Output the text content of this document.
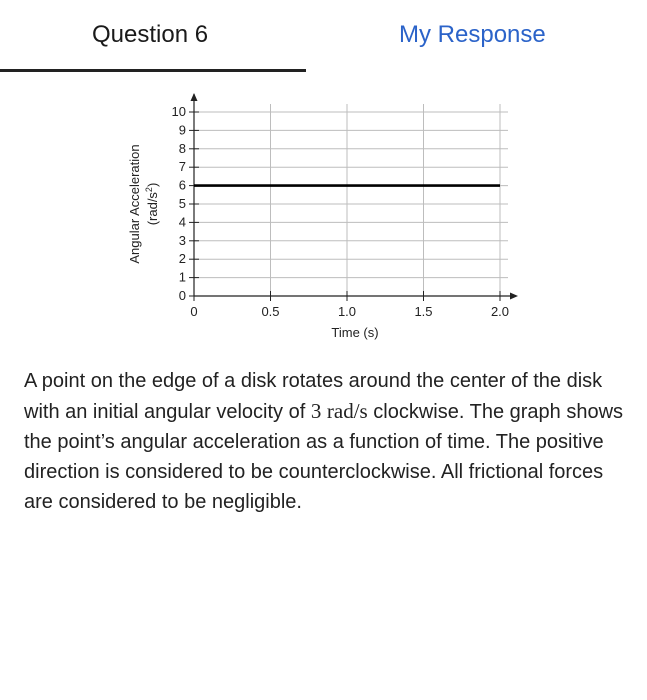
Question 6	My Response
0
1
2
3
4
5
6
7
8
9
10
0	0.5	1.0	1.5	2.0
Angular Acceleration $(rad/s^2)$
Time (s)
A point on the edge of a disk rotates around the center of the disk with an initial angular velocity of 3 rad/s clockwise. The graph shows the point’s angular acceleration as a function of time. The positive direction is considered to be counterclockwise. All frictional forces are considered to be negligible.
